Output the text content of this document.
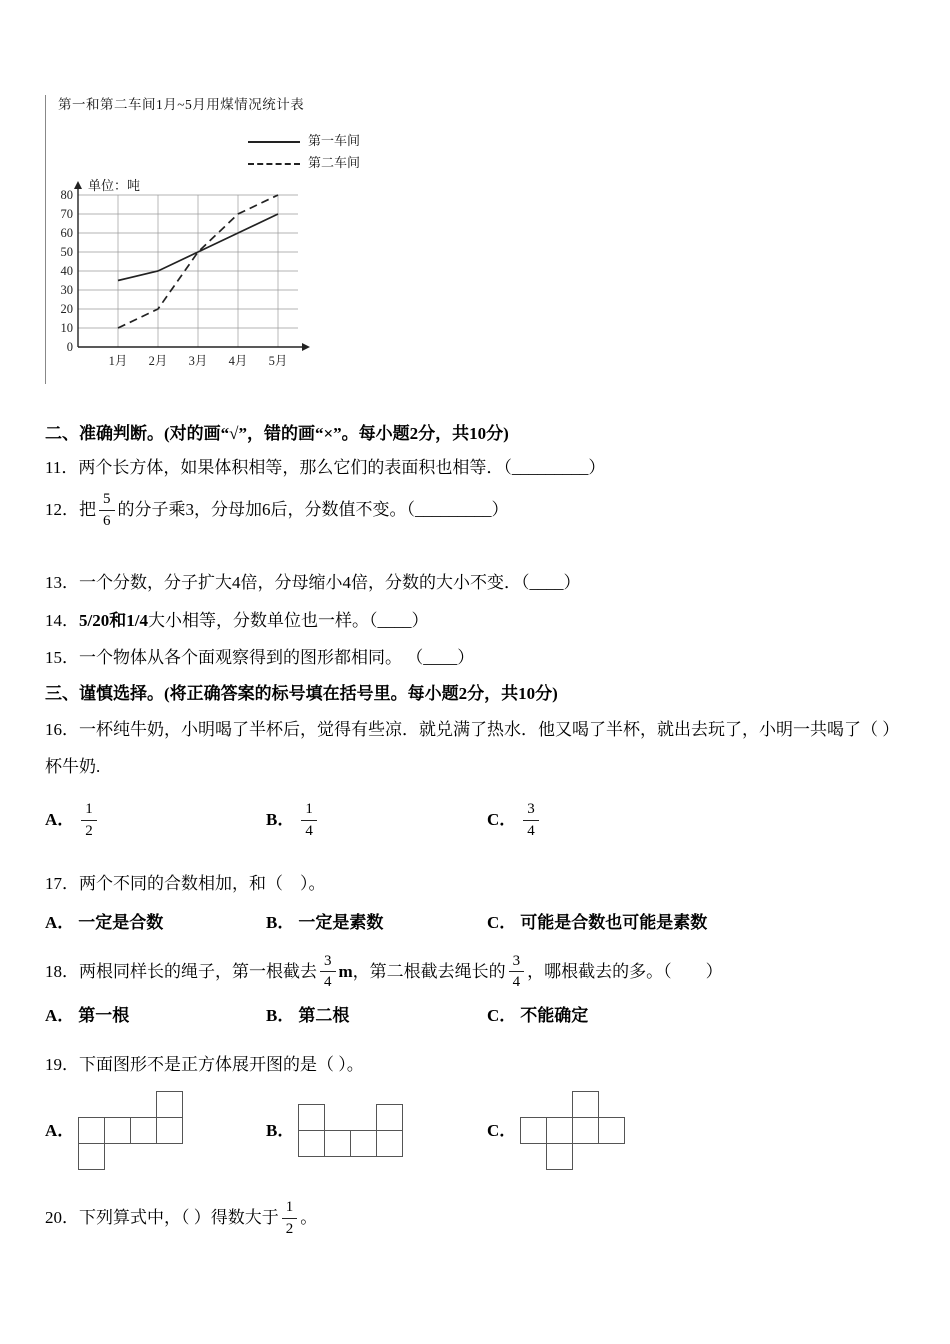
第一和第二车间1月~5月用煤情况统计表
第一车间
第二车间
单位：吨
0
10
20
30
40
50
60
70
80
1月 2月 3月 4月 5月
二、准确判断。(对的画“√”，错的画“×”。每小题2分，共10分)
11．两个长方体，如果体积相等，那么它们的表面积也相等．（_________）
12．把 $\frac{5}{6}$ 的分子乘3，分母加6后，分数值不变。（_________）
13．一个分数，分子扩大4倍，分母缩小4倍，分数的大小不变．（____）
14．5/20和1/4大小相等，分数单位也一样。（____）
15．一个物体从各个面观察得到的图形都相同。 （____）
三、谨慎选择。(将正确答案的标号填在括号里。每小题2分，共10分)
16．一杯纯牛奶，小明喝了半杯后，觉得有些凉．就兑满了热水．他又喝了半杯，就出去玩了，小明一共喝了（ ）
杯牛奶.
A． $\frac{1}{2}$	B． $\frac{1}{4}$	C． $\frac{3}{4}$
17．两个不同的合数相加，和（　）。
A． 一定是合数	B． 一定是素数	C． 可能是合数也可能是素数
18．两根同样长的绳子，第一根截去 $\frac{3}{4}$ m ，第二根截去绳长的 $\frac{3}{4}$ ，哪根截去的多。（　　）
A． 第一根	B． 第二根	C． 不能确定
19．下面图形不是正方体展开图的是（ ）。
A．	B．	C．
20．下列算式中，（ ）得数大于 $\frac{1}{2}$ 。
